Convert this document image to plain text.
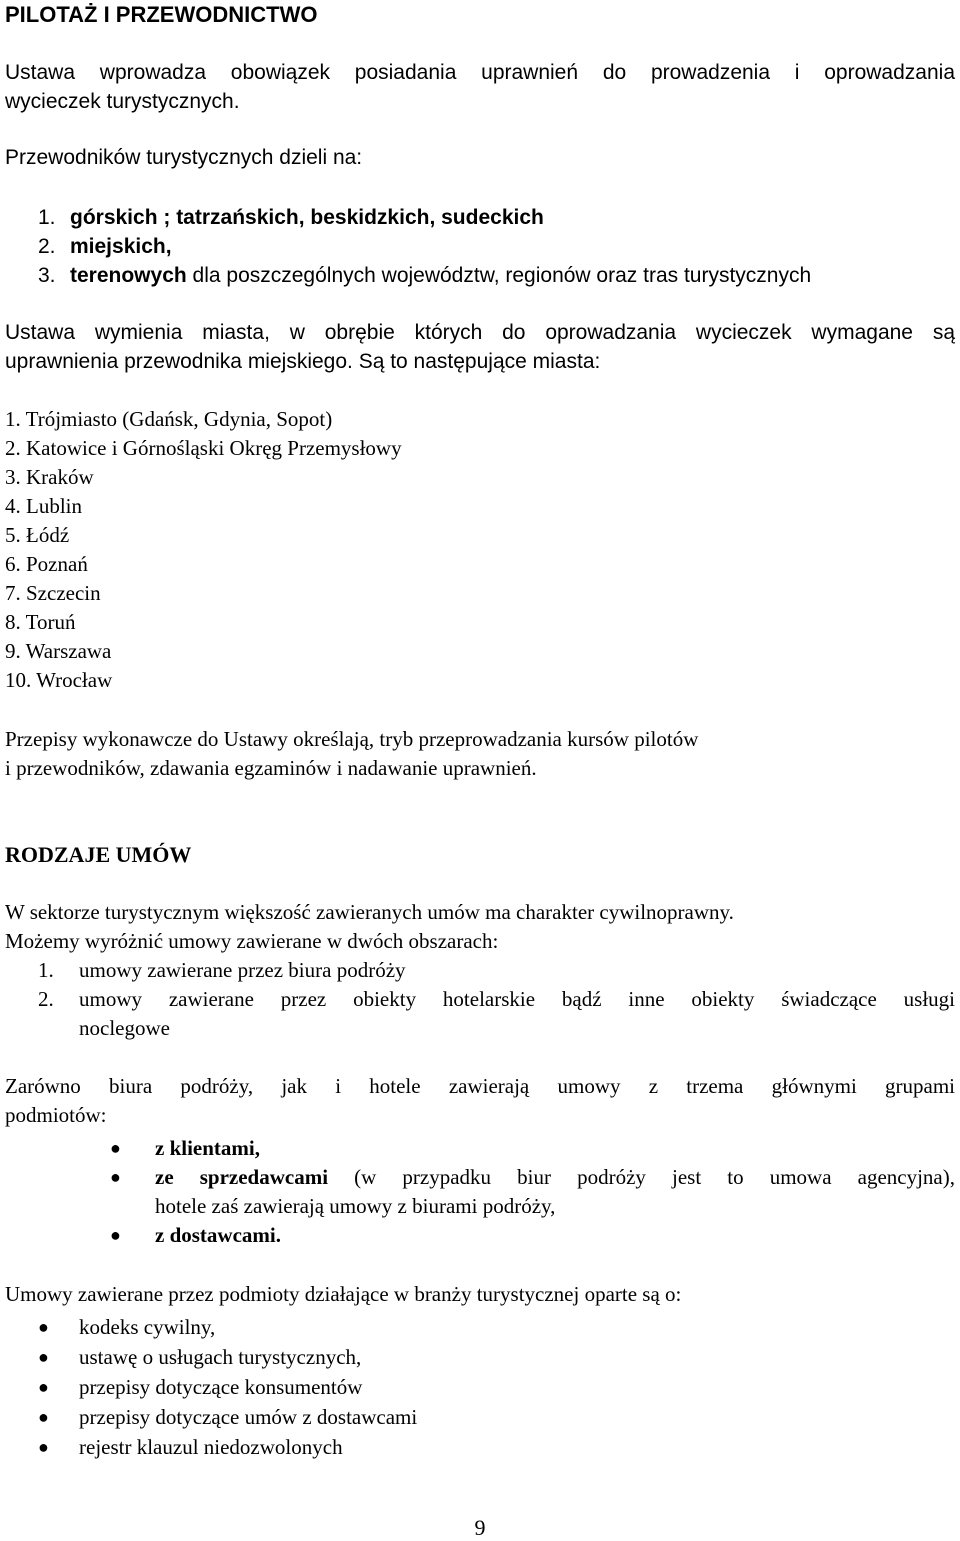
PILOTAŻ I PRZEWODNICTWO
Ustawa wprowadza obowiązek posiadania uprawnień do prowadzenia i oprowadzania
wycieczek turystycznych.
Przewodników turystycznych dzieli na:
1. górskich ; tatrzańskich, beskidzkich, sudeckich
2. miejskich,
3. terenowych dla poszczególnych województw, regionów oraz tras turystycznych
Ustawa wymienia miasta, w obrębie których do oprowadzania wycieczek wymagane są
uprawnienia przewodnika miejskiego. Są to następujące miasta:
1. Trójmiasto (Gdańsk, Gdynia, Sopot)
2. Katowice i Górnośląski Okręg Przemysłowy
3. Kraków
4. Lublin
5. Łódź
6. Poznań
7. Szczecin
8. Toruń
9. Warszawa
10. Wrocław
Przepisy wykonawcze do Ustawy określają, tryb przeprowadzania kursów pilotów
i przewodników, zdawania egzaminów i nadawanie uprawnień.
RODZAJE UMÓW
W sektorze turystycznym większość zawieranych umów ma charakter cywilnoprawny.
Możemy wyróżnić umowy zawierane w dwóch obszarach:
1. umowy zawierane przez biura podróży
2. umowy zawierane przez obiekty hotelarskie bądź inne obiekty świadczące usługi
noclegowe
Zarówno biura podróży, jak i hotele zawierają umowy z trzema głównymi grupami
podmiotów:
● z klientami,
● ze sprzedawcami (w przypadku biur podróży jest to umowa agencyjna),
hotele zaś zawierają umowy z biurami podróży,
● z dostawcami.
Umowy zawierane przez podmioty działające w branży turystycznej oparte są o:
● kodeks cywilny,
● ustawę o usługach turystycznych,
● przepisy dotyczące konsumentów
● przepisy dotyczące umów z dostawcami
● rejestr klauzul niedozwolonych
9
